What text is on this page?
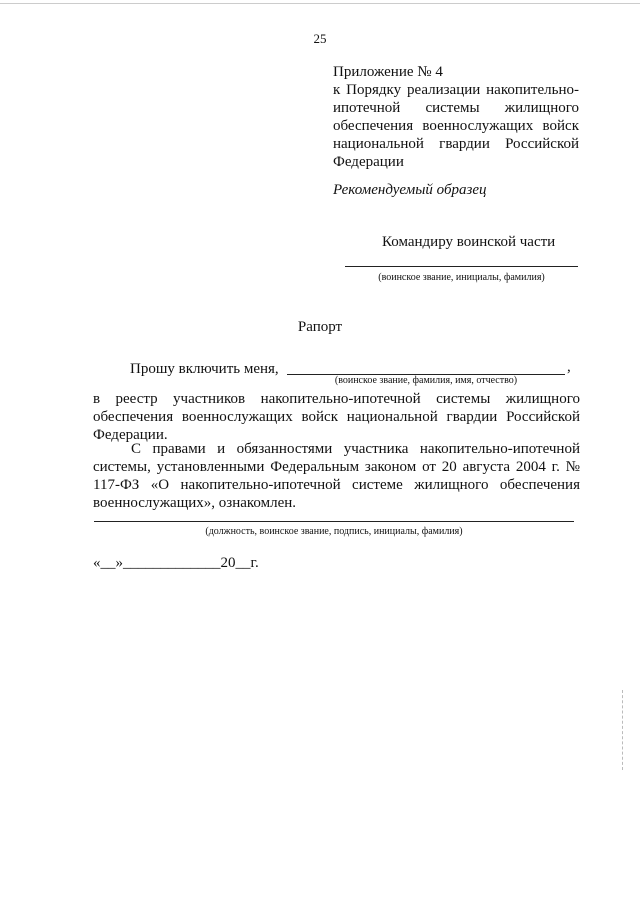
25
Приложение № 4
к Порядку реализации накопительно-ипотечной системы жилищного обеспечения военнослужащих войск национальной гвардии Российской Федерации
Рекомендуемый образец
Командиру воинской части
(воинское звание, инициалы, фамилия)
Рапорт
Прошу включить меня,	,
(воинское звание, фамилия, имя, отчество)
в реестр участников накопительно-ипотечной системы жилищного обеспечения военнослужащих войск национальной гвардии Российской Федерации.
С правами и обязанностями участника накопительно-ипотечной системы, установленными Федеральным законом от 20 августа 2004 г. № 117-ФЗ «О накопительно-ипотечной системе жилищного обеспечения военнослужащих», ознакомлен.
(должность, воинское звание, подпись, инициалы, фамилия)
«__»_____________20__г.
